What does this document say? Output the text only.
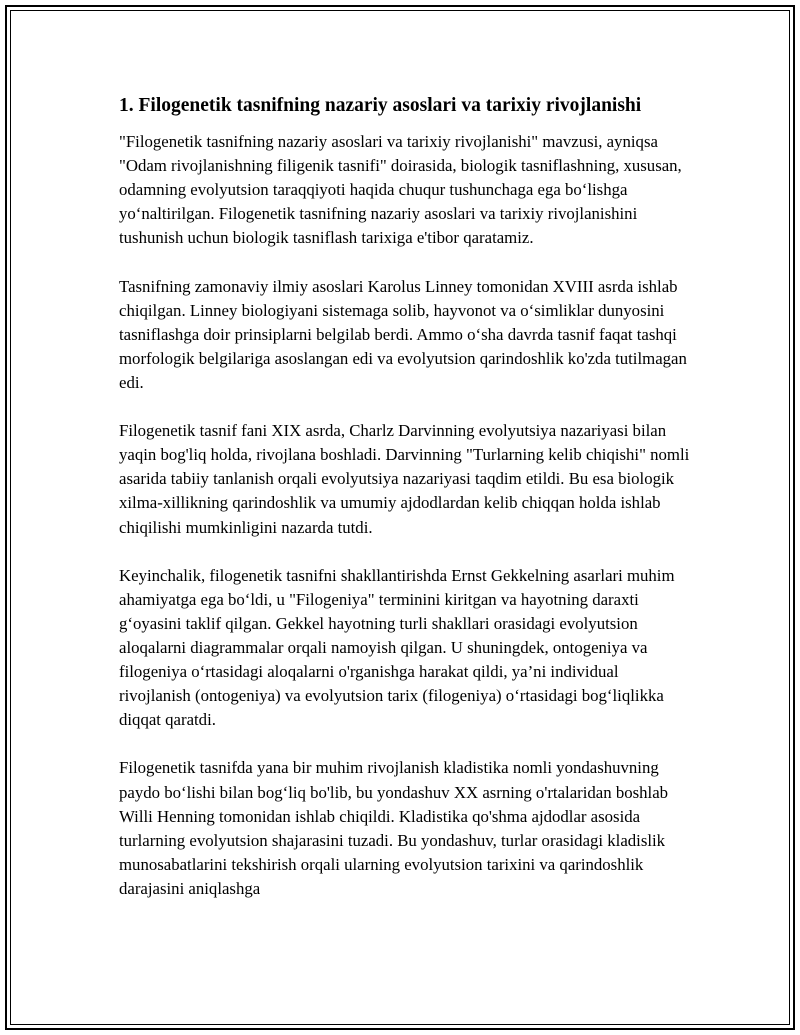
1. Filogenetik tasnifning nazariy asoslari va tarixiy rivojlanishi

"Filogenetik tasnifning nazariy asoslari va tarixiy rivojlanishi" mavzusi, ayniqsa "Odam rivojlanishning filigenik tasnifi" doirasida, biologik tasniflashning, xususan, odamning evolyutsion taraqqiyoti haqida chuqur tushunchaga ega bo‘lishga yo‘naltirilgan. Filogenetik tasnifning nazariy asoslari va tarixiy rivojlanishini tushunish uchun biologik tasniflash tarixiga e'tibor qaratamiz.

Tasnifning zamonaviy ilmiy asoslari Karolus Linney tomonidan XVIII asrda ishlab chiqilgan. Linney biologiyani sistemaga solib, hayvonot va o‘simliklar dunyosini tasniflashga doir prinsiplarni belgilab berdi. Ammo o‘sha davrda tasnif faqat tashqi morfologik belgilariga asoslangan edi va evolyutsion qarindoshlik ko'zda tutilmagan edi.

Filogenetik tasnif fani XIX asrda, Charlz Darvinning evolyutsiya nazariyasi bilan yaqin bog'liq holda, rivojlana boshladi. Darvinning "Turlarning kelib chiqishi" nomli asarida tabiiy tanlanish orqali evolyutsiya nazariyasi taqdim etildi. Bu esa biologik xilma-xillikning qarindoshlik va umumiy ajdodlardan kelib chiqqan holda ishlab chiqilishi mumkinligini nazarda tutdi.

Keyinchalik, filogenetik tasnifni shakllantirishda Ernst Gekkelning asarlari muhim ahamiyatga ega bo‘ldi, u "Filogeniya" terminini kiritgan va hayotning daraxti g‘oyasini taklif qilgan. Gekkel hayotning turli shakllari orasidagi evolyutsion aloqalarni diagrammalar orqali namoyish qilgan. U shuningdek, ontogeniya va filogeniya o‘rtasidagi aloqalarni o'rganishga harakat qildi, ya’ni individual rivojlanish (ontogeniya) va evolyutsion tarix (filogeniya) o‘rtasidagi bog‘liqlikka diqqat qaratdi.

Filogenetik tasnifda yana bir muhim rivojlanish kladistika nomli yondashuvning paydo bo‘lishi bilan bog‘liq bo'lib, bu yondashuv XX asrning o'rtalaridan boshlab Willi Henning tomonidan ishlab chiqildi. Kladistika qo'shma ajdodlar asosida turlarning evolyutsion shajarasini tuzadi. Bu yondashuv, turlar orasidagi kladislik munosabatlarini tekshirish orqali ularning evolyutsion tarixini va qarindoshlik darajasini aniqlashga
